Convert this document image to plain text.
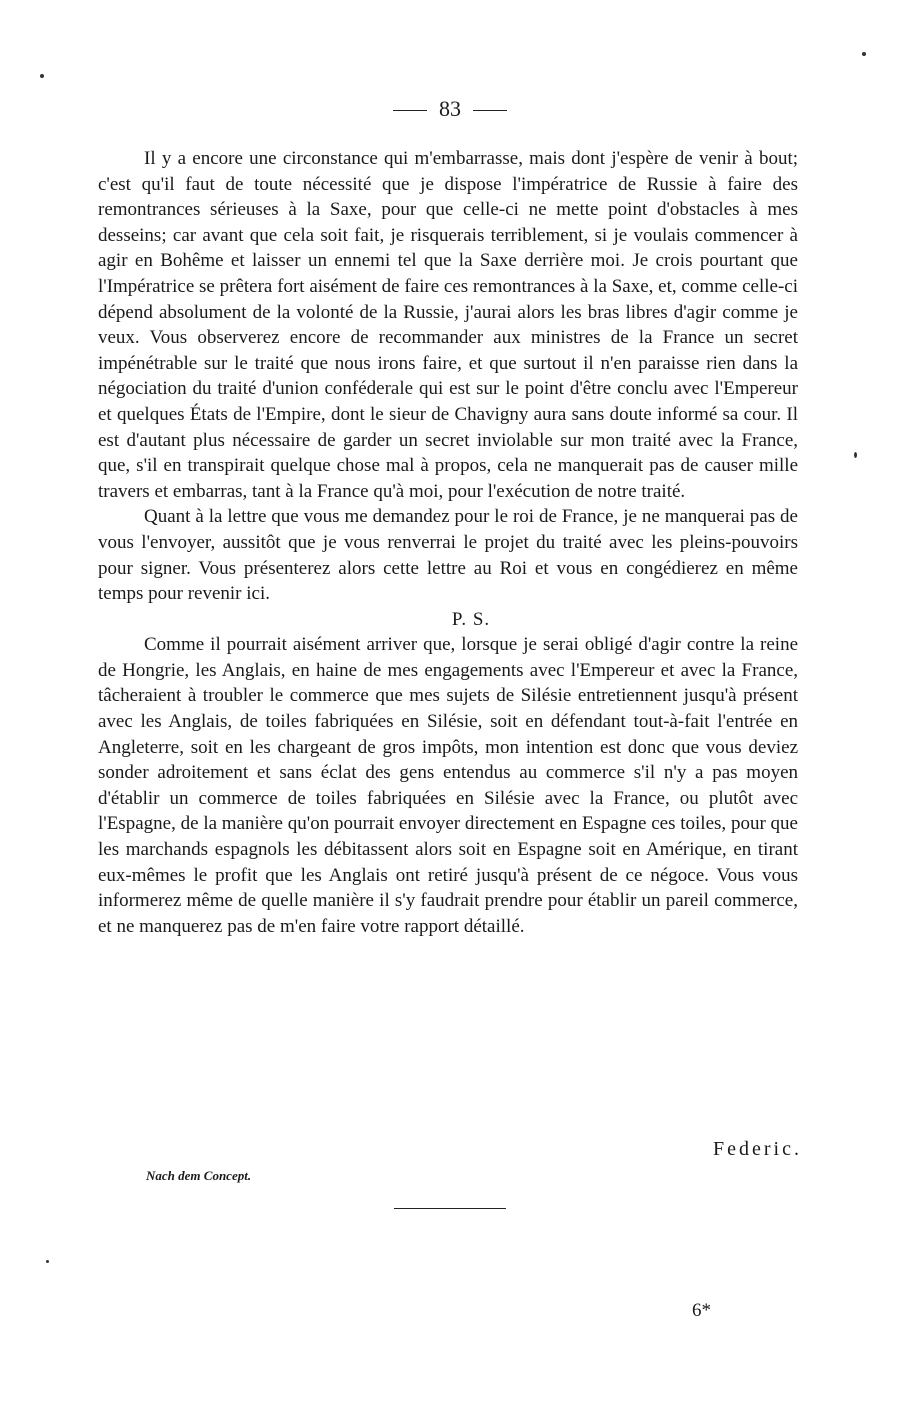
83

Il y a encore une circonstance qui m'embarrasse, mais dont j'espère de venir à bout; c'est qu'il faut de toute nécessité que je dispose l'impératrice de Russie à faire des remontrances sérieuses à la Saxe, pour que celle-ci ne mette point d'obstacles à mes desseins; car avant que cela soit fait, je risquerais terriblement, si je voulais commencer à agir en Bohême et laisser un ennemi tel que la Saxe derrière moi. Je crois pourtant que l'Impératrice se prêtera fort aisément de faire ces remontrances à la Saxe, et, comme celle-ci dépend absolument de la volonté de la Russie, j'aurai alors les bras libres d'agir comme je veux. Vous observerez encore de recommander aux ministres de la France un secret impénétrable sur le traité que nous irons faire, et que surtout il n'en paraisse rien dans la négociation du traité d'union conféderale qui est sur le point d'être conclu avec l'Empereur et quelques États de l'Empire, dont le sieur de Chavigny aura sans doute informé sa cour. Il est d'autant plus nécessaire de garder un secret inviolable sur mon traité avec la France, que, s'il en transpirait quelque chose mal à propos, cela ne manquerait pas de causer mille travers et embarras, tant à la France qu'à moi, pour l'exécution de notre traité.

Quant à la lettre que vous me demandez pour le roi de France, je ne manquerai pas de vous l'envoyer, aussitôt que je vous renverrai le projet du traité avec les pleins-pouvoirs pour signer. Vous présenterez alors cette lettre au Roi et vous en congédierez en même temps pour revenir ici.

P. S.

Comme il pourrait aisément arriver que, lorsque je serai obligé d'agir contre la reine de Hongrie, les Anglais, en haine de mes engagements avec l'Empereur et avec la France, tâcheraient à troubler le commerce que mes sujets de Silésie entretiennent jusqu'à présent avec les Anglais, de toiles fabriquées en Silésie, soit en défendant tout-à-fait l'entrée en Angleterre, soit en les chargeant de gros impôts, mon intention est donc que vous deviez sonder adroitement et sans éclat des gens entendus au commerce s'il n'y a pas moyen d'établir un commerce de toiles fabriquées en Silésie avec la France, ou plutôt avec l'Espagne, de la manière qu'on pourrait envoyer directement en Espagne ces toiles, pour que les marchands espagnols les débitassent alors soit en Espagne soit en Amérique, en tirant eux-mêmes le profit que les Anglais ont retiré jusqu'à présent de ce négoce. Vous vous informerez même de quelle manière il s'y faudrait prendre pour établir un pareil commerce, et ne manquerez pas de m'en faire votre rapport détaillé.

Federic.
Nach dem Concept.
6*
